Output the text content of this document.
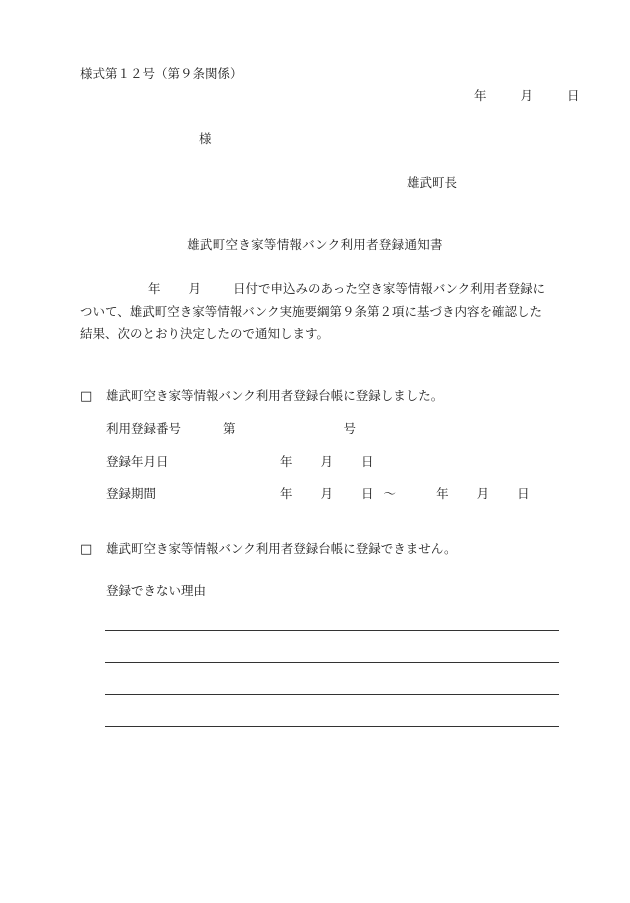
様式第１２号（第９条関係）
年	月	日
様
雄武町長
雄武町空き家等情報バンク利用者登録通知書
年 月	日付で申込みのあった空き家等情報バンク利用者登録に
ついて、雄武町空き家等情報バンク実施要綱第９条第２項に基づき内容を確認した
結果、次のとおり決定したので通知します。
□ 雄武町空き家等情報バンク利用者登録台帳に登録しました。
利用登録番号	第	号
登録年月日	年 月 日
登録期間	年 月 日 ～	年 月 日
□ 雄武町空き家等情報バンク利用者登録台帳に登録できません。
登録できない理由
